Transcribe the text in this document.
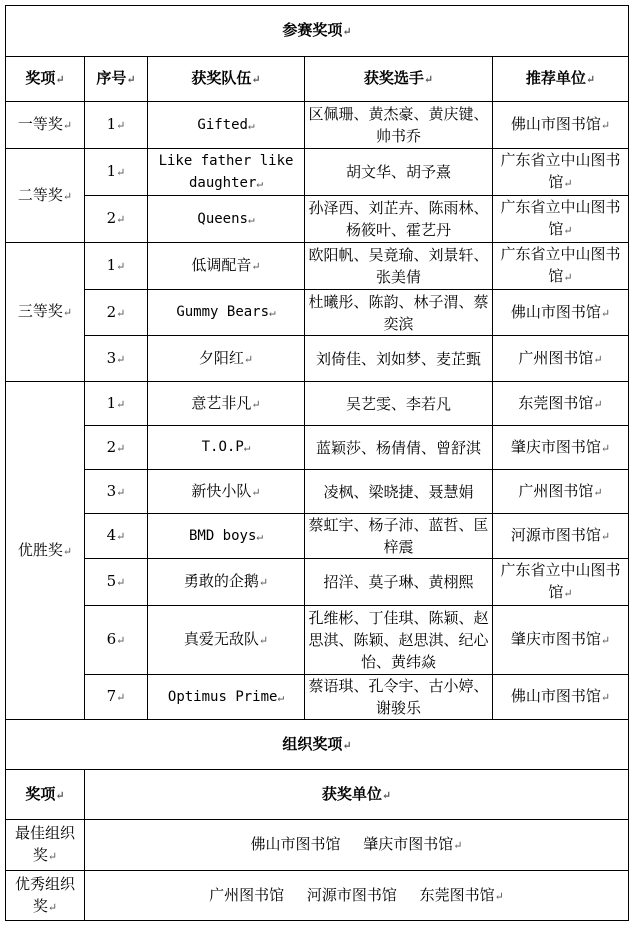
参赛奖项↵				
奖项↵	序号↵	获奖队伍↵	获奖选手↵	推荐单位↵
一等奖↵	1↵	Gifted↵	区佩珊、黄杰豪、黄庆键、帅书乔	佛山市图书馆↵
二等奖↵	1↵	Like father like daughter↵	胡文华、胡予熹	广东省立中山图书馆↵
	2↵	Queens↵	孙泽西、刘芷卉、陈雨林、杨筱叶、霍艺丹	广东省立中山图书馆↵
三等奖↵	1↵	低调配音↵	欧阳帆、吴竟瑜、刘景轩、张美倩	广东省立中山图书馆↵
	2↵	Gummy Bears↵	杜曦彤、陈韵、林子渭、蔡奕滨	佛山市图书馆↵
	3↵	夕阳红↵	刘倚佳、刘如梦、麦芷甄	广州图书馆↵
优胜奖↵	1↵	意艺非凡↵	吴艺雯、李若凡	东莞图书馆↵
	2↵	T.O.P↵	蓝颖莎、杨倩倩、曾舒淇	肇庆市图书馆↵
	3↵	新快小队↵	凌枫、梁晓捷、聂慧娟	广州图书馆↵
	4↵	BMD boys↵	蔡虹宇、杨子沛、蓝哲、匡梓震	河源市图书馆↵
	5↵	勇敢的企鹅↵	招洋、莫子琳、黄栩熙	广东省立中山图书馆↵
	6↵	真爱无敌队↵	孔维彬、丁佳琪、陈颖、赵思淇、陈颖、赵思淇、纪心怡、黄纬焱	肇庆市图书馆↵
	7↵	Optimus Prime↵	蔡语琪、孔令宇、古小婷、谢骏乐	佛山市图书馆↵
组织奖项↵				
奖项↵	获奖单位↵			
最佳组织奖↵	佛山市图书馆 肇庆市图书馆↵			
优秀组织奖↵	广州图书馆 河源市图书馆 东莞图书馆↵			
